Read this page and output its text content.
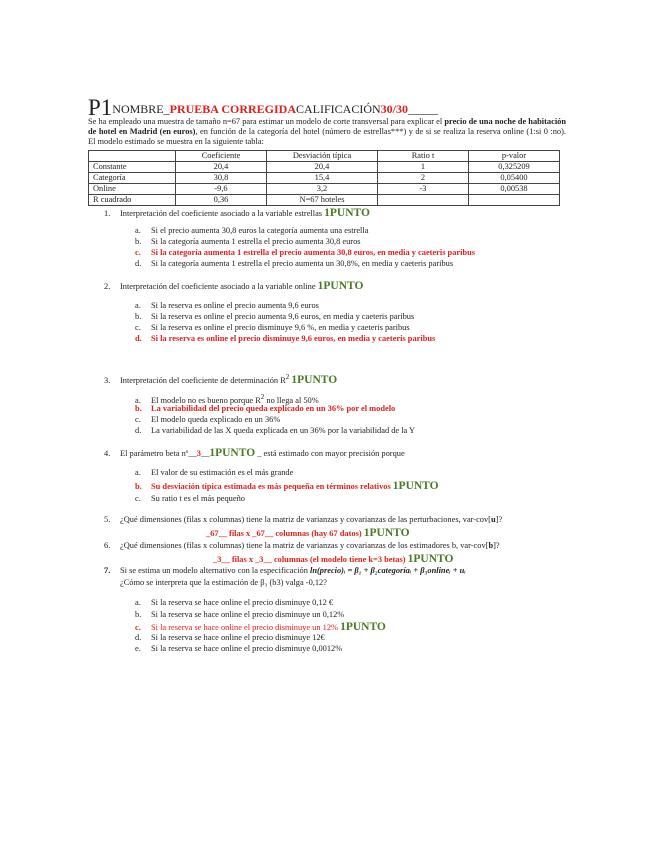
P1NOMBRE_PRUEBA CORREGIDACALIFICACIÓN30/30_____
Se ha empleado una muestra de tamaño n=67 para estimar un modelo de corte transversal para explicar el precio de una noche de habitación de hotel en Madrid (en euros), en función de la categoría del hotel (número de estrellas***) y de si se realiza la reserva online (1:si 0 :no). El modelo estimado se muestra en la siguiente tabla:
	Coeficiente	Desviación típica	Ratio t	p-valor
Constante	20,4	20,4	1	0,325209
Categoría	30,8	15,4	2	0,05400
Online	-9,6	3,2	-3	0,00538
R cuadrado	0,36	N=67 hoteles		
1. Interpretación del coeficiente asociado a la variable estrellas 1PUNTO
a. Si el precio aumenta 30,8 euros la categoría aumenta una estrella
b. Si la categoría aumenta 1 estrella el precio aumenta 30,8 euros
c. Si la categoría aumenta 1 estrella el precio aumenta 30,8 euros, en media y caeteris paribus
d. Si la categoría aumenta 1 estrella el precio aumenta un 30,8%, en media y caeteris paribus
2. Interpretación del coeficiente asociado a la variable online 1PUNTO
a. Si la reserva es online el precio aumenta 9,6 euros
b. Si la reserva es online el precio aumenta 9,6 euros, en media y caeteris paribus
c. Si la reserva es online el precio disminuye 9,6 %, en media y caeteris paribus
d. Si la reserva es online el precio disminuye 9,6 euros, en media y caeteris paribus
3. Interpretación del coeficiente de determinación $R^2$ 1PUNTO
a. El modelo no es bueno porque $R^2$ no llega al 50%
b. La variabilidad del precio queda explicado en un 36% por el modelo
c. El modelo queda explicado en un 36%
d. La variabilidad de las X queda explicada en un 36% por la variabilidad de la Y
4. El parámetro beta nº__3__1PUNTO _ está estimado con mayor precisión porque
a. El valor de su estimación es el más grande
b. Su desviación típica estimada es más pequeña en términos relativos 1PUNTO
c. Su ratio t es el más pequeño
5. ¿Qué dimensiones (filas x columnas) tiene la matriz de varianzas y covarianzas de las perturbaciones, var-cov[u]?
_67__ filas x _67__ columnas (hay 67 datos) 1PUNTO
6. ¿Qué dimensiones (filas x columnas) tiene la matriz de varianzas y covarianzas de los estimadores b, var-cov[b]?
_3__ filas x _3__ columnas (el modelo tiene k=3 betas) 1PUNTO
7. Si se estima un modelo alternativo con la especificación ln(precio)ᵢ = β₁ + β₂categoríaᵢ + β₃onlineᵢ + uᵢ
¿Cómo se interpreta que la estimación de β₃ (b3) valga -0,12?
a. Si la reserva se hace online el precio disminuye 0,12 €
b. Si la reserva se hace online el precio disminuye un 0,12%
c. Si la reserva se hace online el precio disminuye un 12% 1PUNTO
d. Si la reserva se hace online el precio disminuye 12€
e. Si la reserva se hace online el precio disminuye 0,0012%
